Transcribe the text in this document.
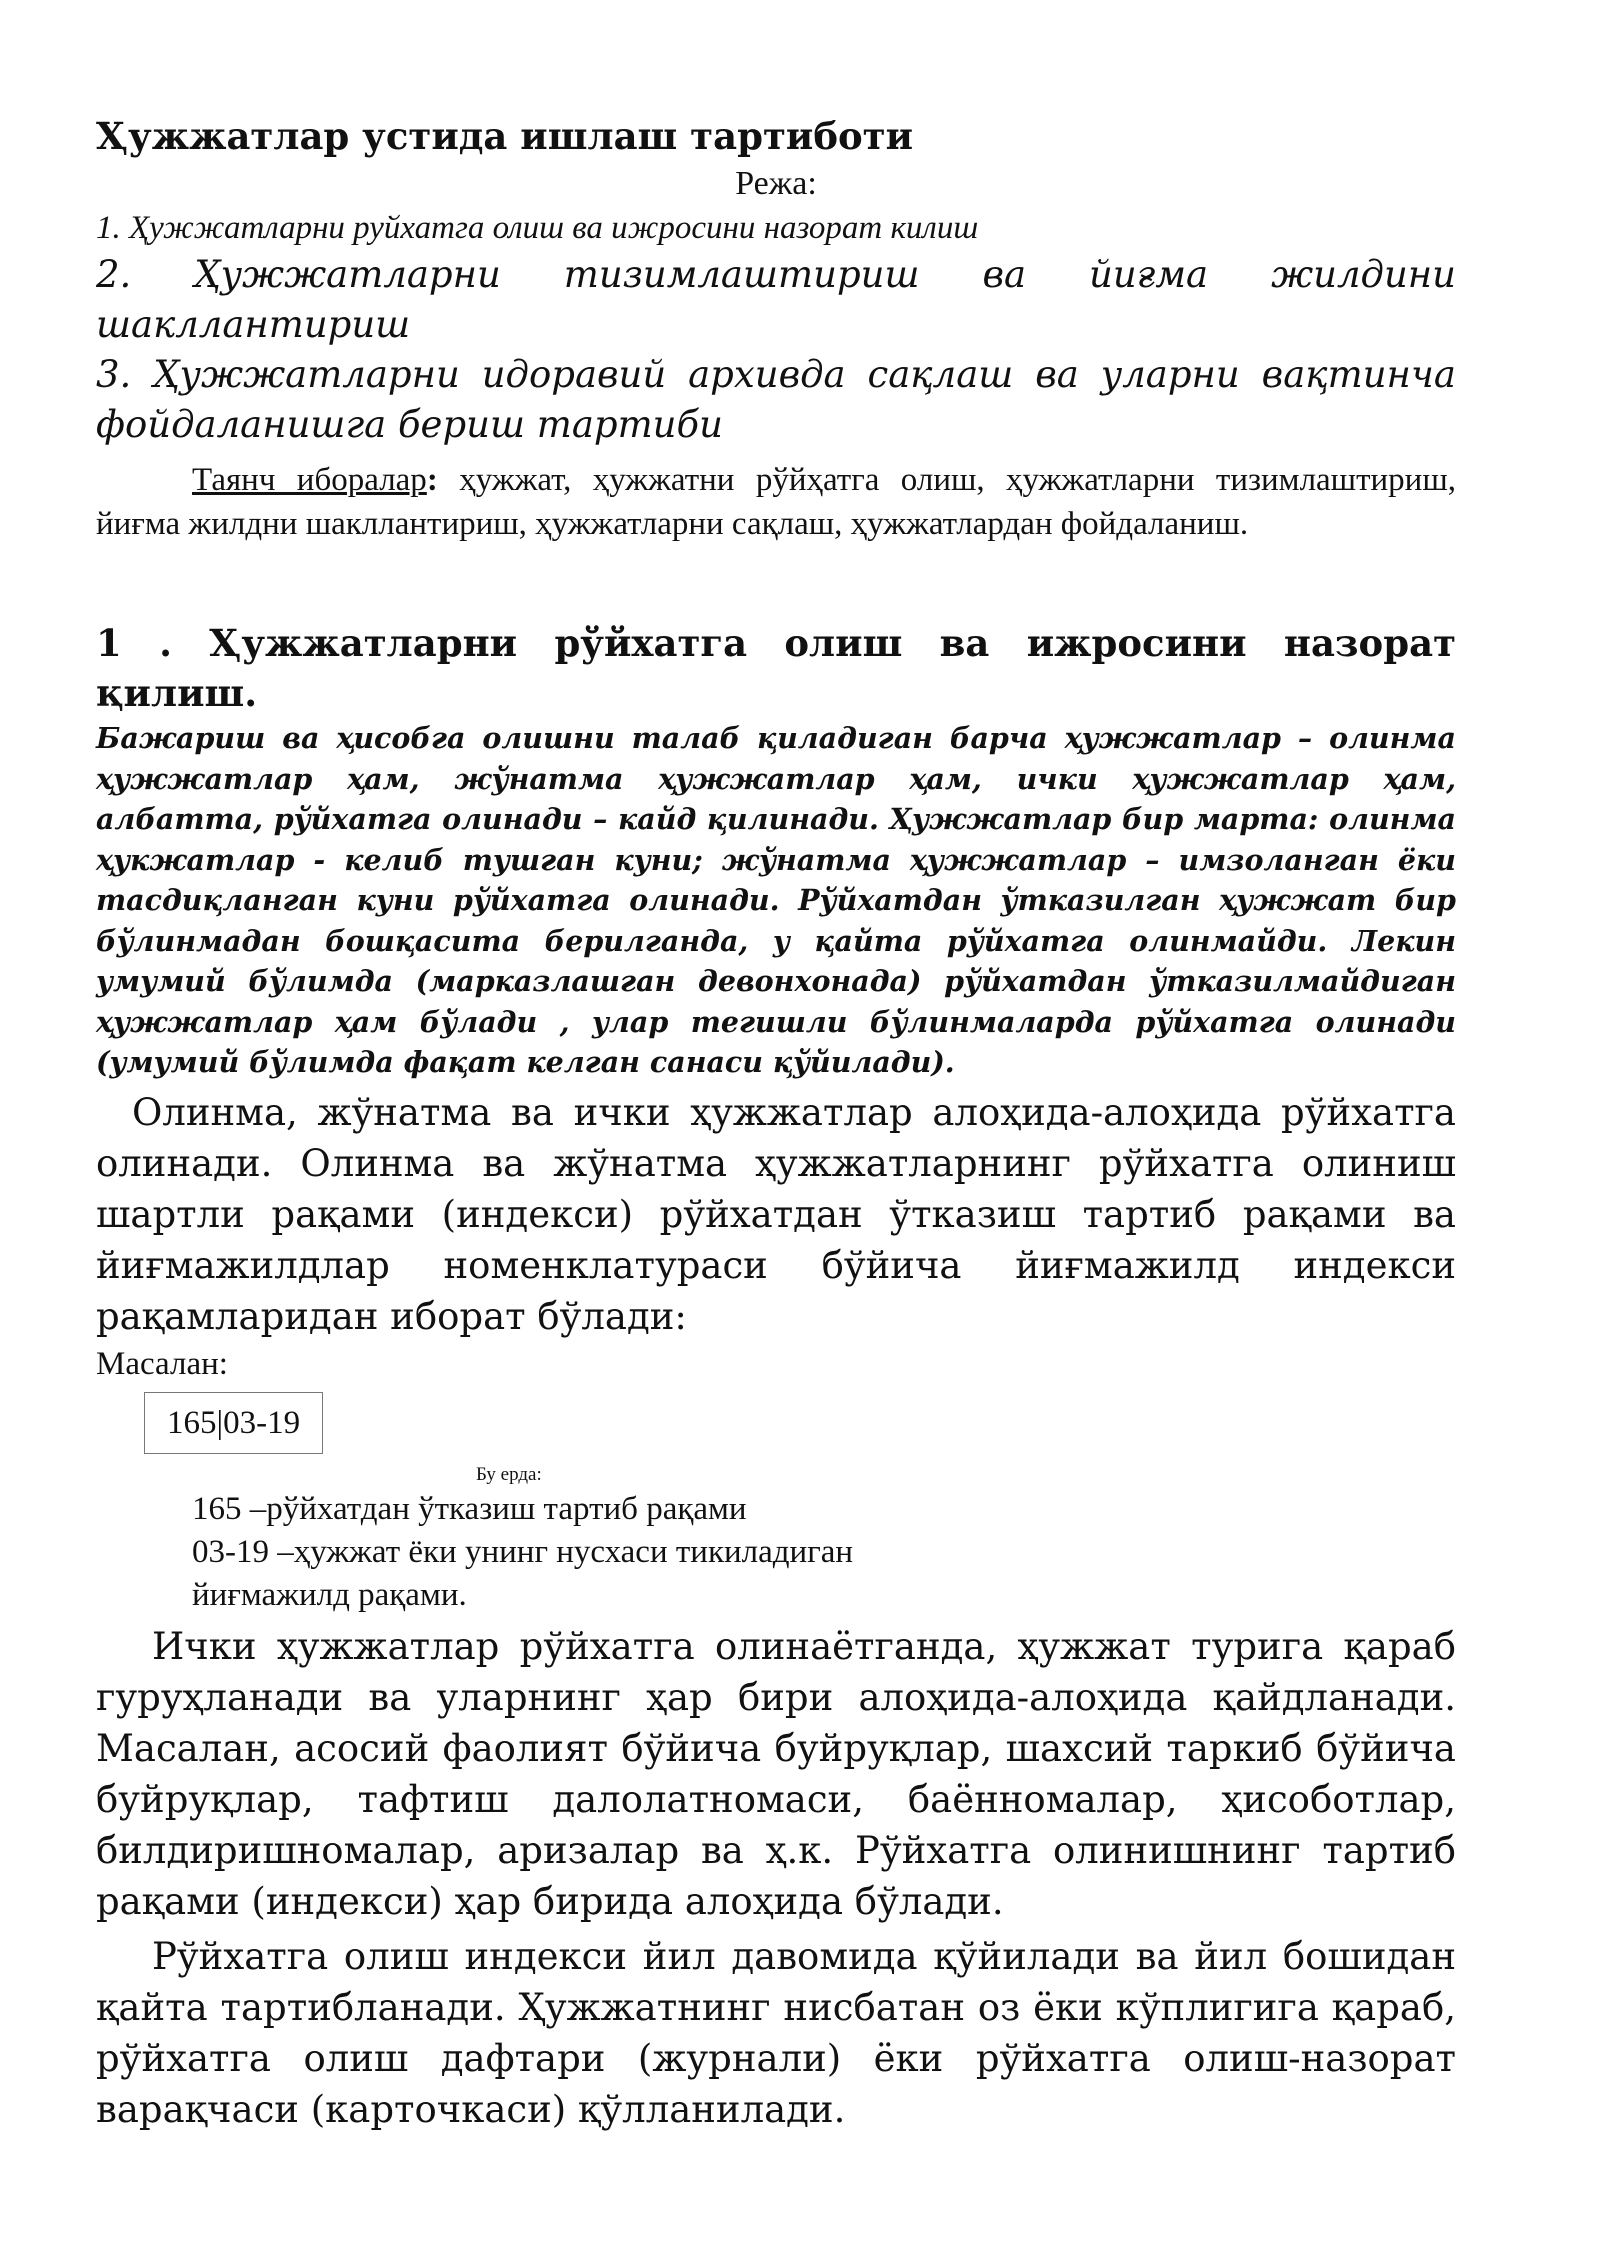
Ҳужжатлар устида ишлаш тартиботи

Режа:

1. Ҳужжатларни руйхатга олиш ва ижросини назорат килиш

2. Ҳужжатларни тизимлаштириш ва йиғма жилдини шакллантириш

3. Ҳужжатларни идоравий архивда сақлаш ва уларни вақтинча фойдаланишга бериш тартиби

Таянч иборалар: ҳужжат, ҳужжатни рўйҳатга олиш, ҳужжатларни тизимлаштириш, йиғма жилдни шакллантириш, ҳужжатларни сақлаш, ҳужжатлардан фойдаланиш.

1 . Ҳужжатларни рўйхатга олиш ва ижросини назорат қилиш.

Бажариш ва ҳисобга олишни талаб қиладиган барча ҳужжатлар – олинма ҳужжатлар ҳам, жўнатма ҳужжатлар ҳам, ички ҳужжатлар ҳам, албатта, рўйхатга олинади – кайд қилинади. Ҳужжатлар бир марта: олинма ҳукжатлар - келиб тушган куни; жўнатма ҳужжатлар – имзоланган ёки тасдиқланган куни рўйхатга олинади. Рўйхатдан ўтказилган ҳужжат бир бўлинмадан бошқасита берилганда, у қайта рўйхатга олинмайди. Лекин умумий бўлимда (марказлашган девонхонада) рўйхатдан ўтказилмайдиган ҳужжатлар ҳам бўлади , улар тегишли бўлинмаларда рўйхатга олинади (умумий бўлимда фақат келган санаси қўйилади).

Олинма, жўнатма ва ички ҳужжатлар алоҳида-алоҳида рўйхатга олинади. Олинма ва жўнатма ҳужжатларнинг рўйхатга олиниш шартли рақами (индекси) рўйхатдан ўтказиш тартиб рақами ва йиғмажилдлар номенклатураси бўйича йиғмажилд индекси рақамларидан иборат бўлади:

Масалан:

165|03-19

Бу ерда:

165 –рўйхатдан ўтказиш тартиб рақами

03-19 –ҳужжат ёки унинг нусхаси тикиладиган

йиғмажилд рақами.

Ички ҳужжатлар рўйхатга олинаётганда, ҳужжат турига қараб гуруҳланади ва уларнинг ҳар бири алоҳида-алоҳида қайдланади. Масалан, асосий фаолият бўйича буйруқлар, шахсий таркиб бўйича буйруқлар, тафтиш далолатномаси, баённомалар, ҳисоботлар, билдиришномалар, аризалар ва ҳ.к. Рўйхатга олинишнинг тартиб рақами (индекси) ҳар бирида алоҳида бўлади.

Рўйхатга олиш индекси йил давомида қўйилади ва йил бошидан қайта тартибланади. Ҳужжатнинг нисбатан оз ёки кўплигига қараб, рўйхатга олиш дафтари (журнали) ёки рўйхатга олиш-назорат варақчаси (карточкаси) қўлланилади.
